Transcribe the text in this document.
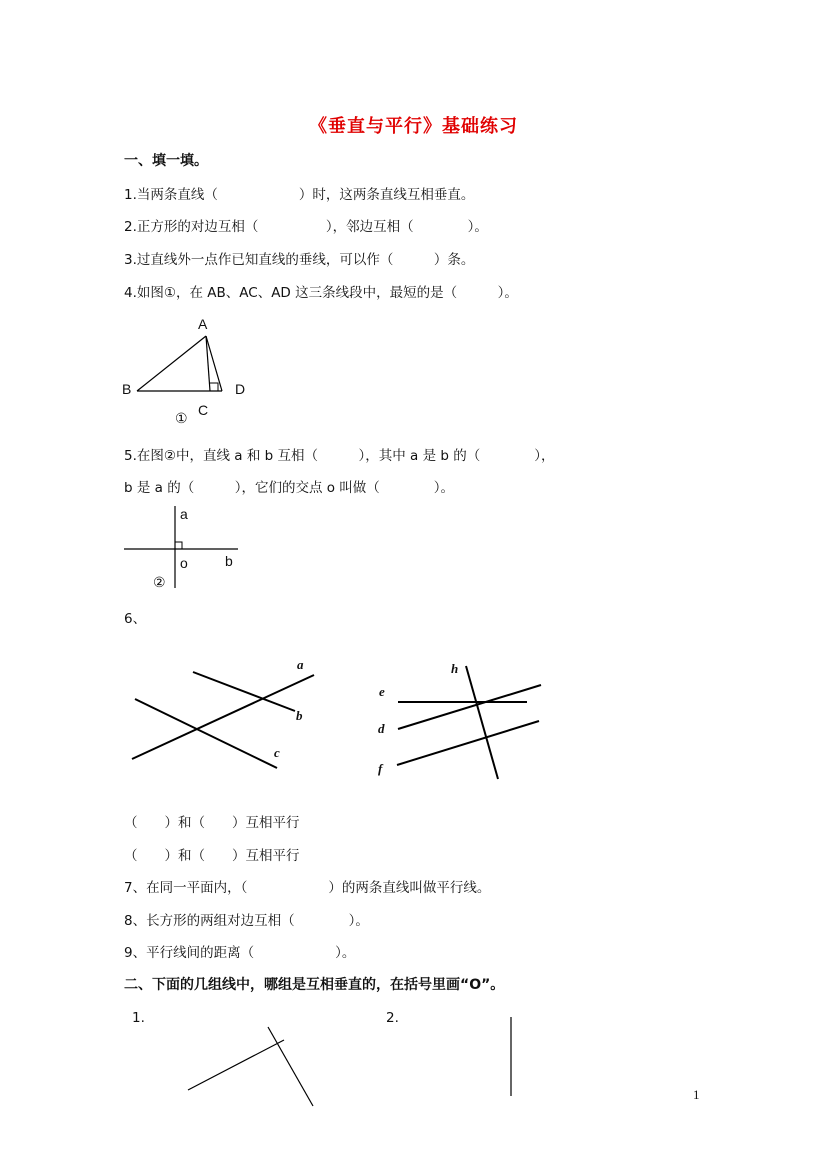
《垂直与平行》基础练习
一、填一填。
1.当两条直线（　　　　　　）时，这两条直线互相垂直。
2.正方形的对边互相（　　　　　），邻边互相（　　　　）。
3.过直线外一点作已知直线的垂线，可以作（　　　）条。
4.如图①，在 AB、AC、AD 这三条线段中，最短的是（　　　）。
A
B	D
C
①
5.在图②中，直线 a 和 b 互相（　　　），其中 a 是 b 的（　　　　），
b 是 a 的（　　　），它们的交点 o 叫做（　　　　）。
a
o	b
②
6、
a
b
c
h
e
d
f
（　　）和（　　）互相平行
（　　）和（　　）互相平行
7、在同一平面内，（　　　　　　）的两条直线叫做平行线。
8、长方形的两组对边互相（　　　　）。
9、平行线间的距离（　　　　　　）。
二、下面的几组线中，哪组是互相垂直的，在括号里画“O”。
1.	2.
1
